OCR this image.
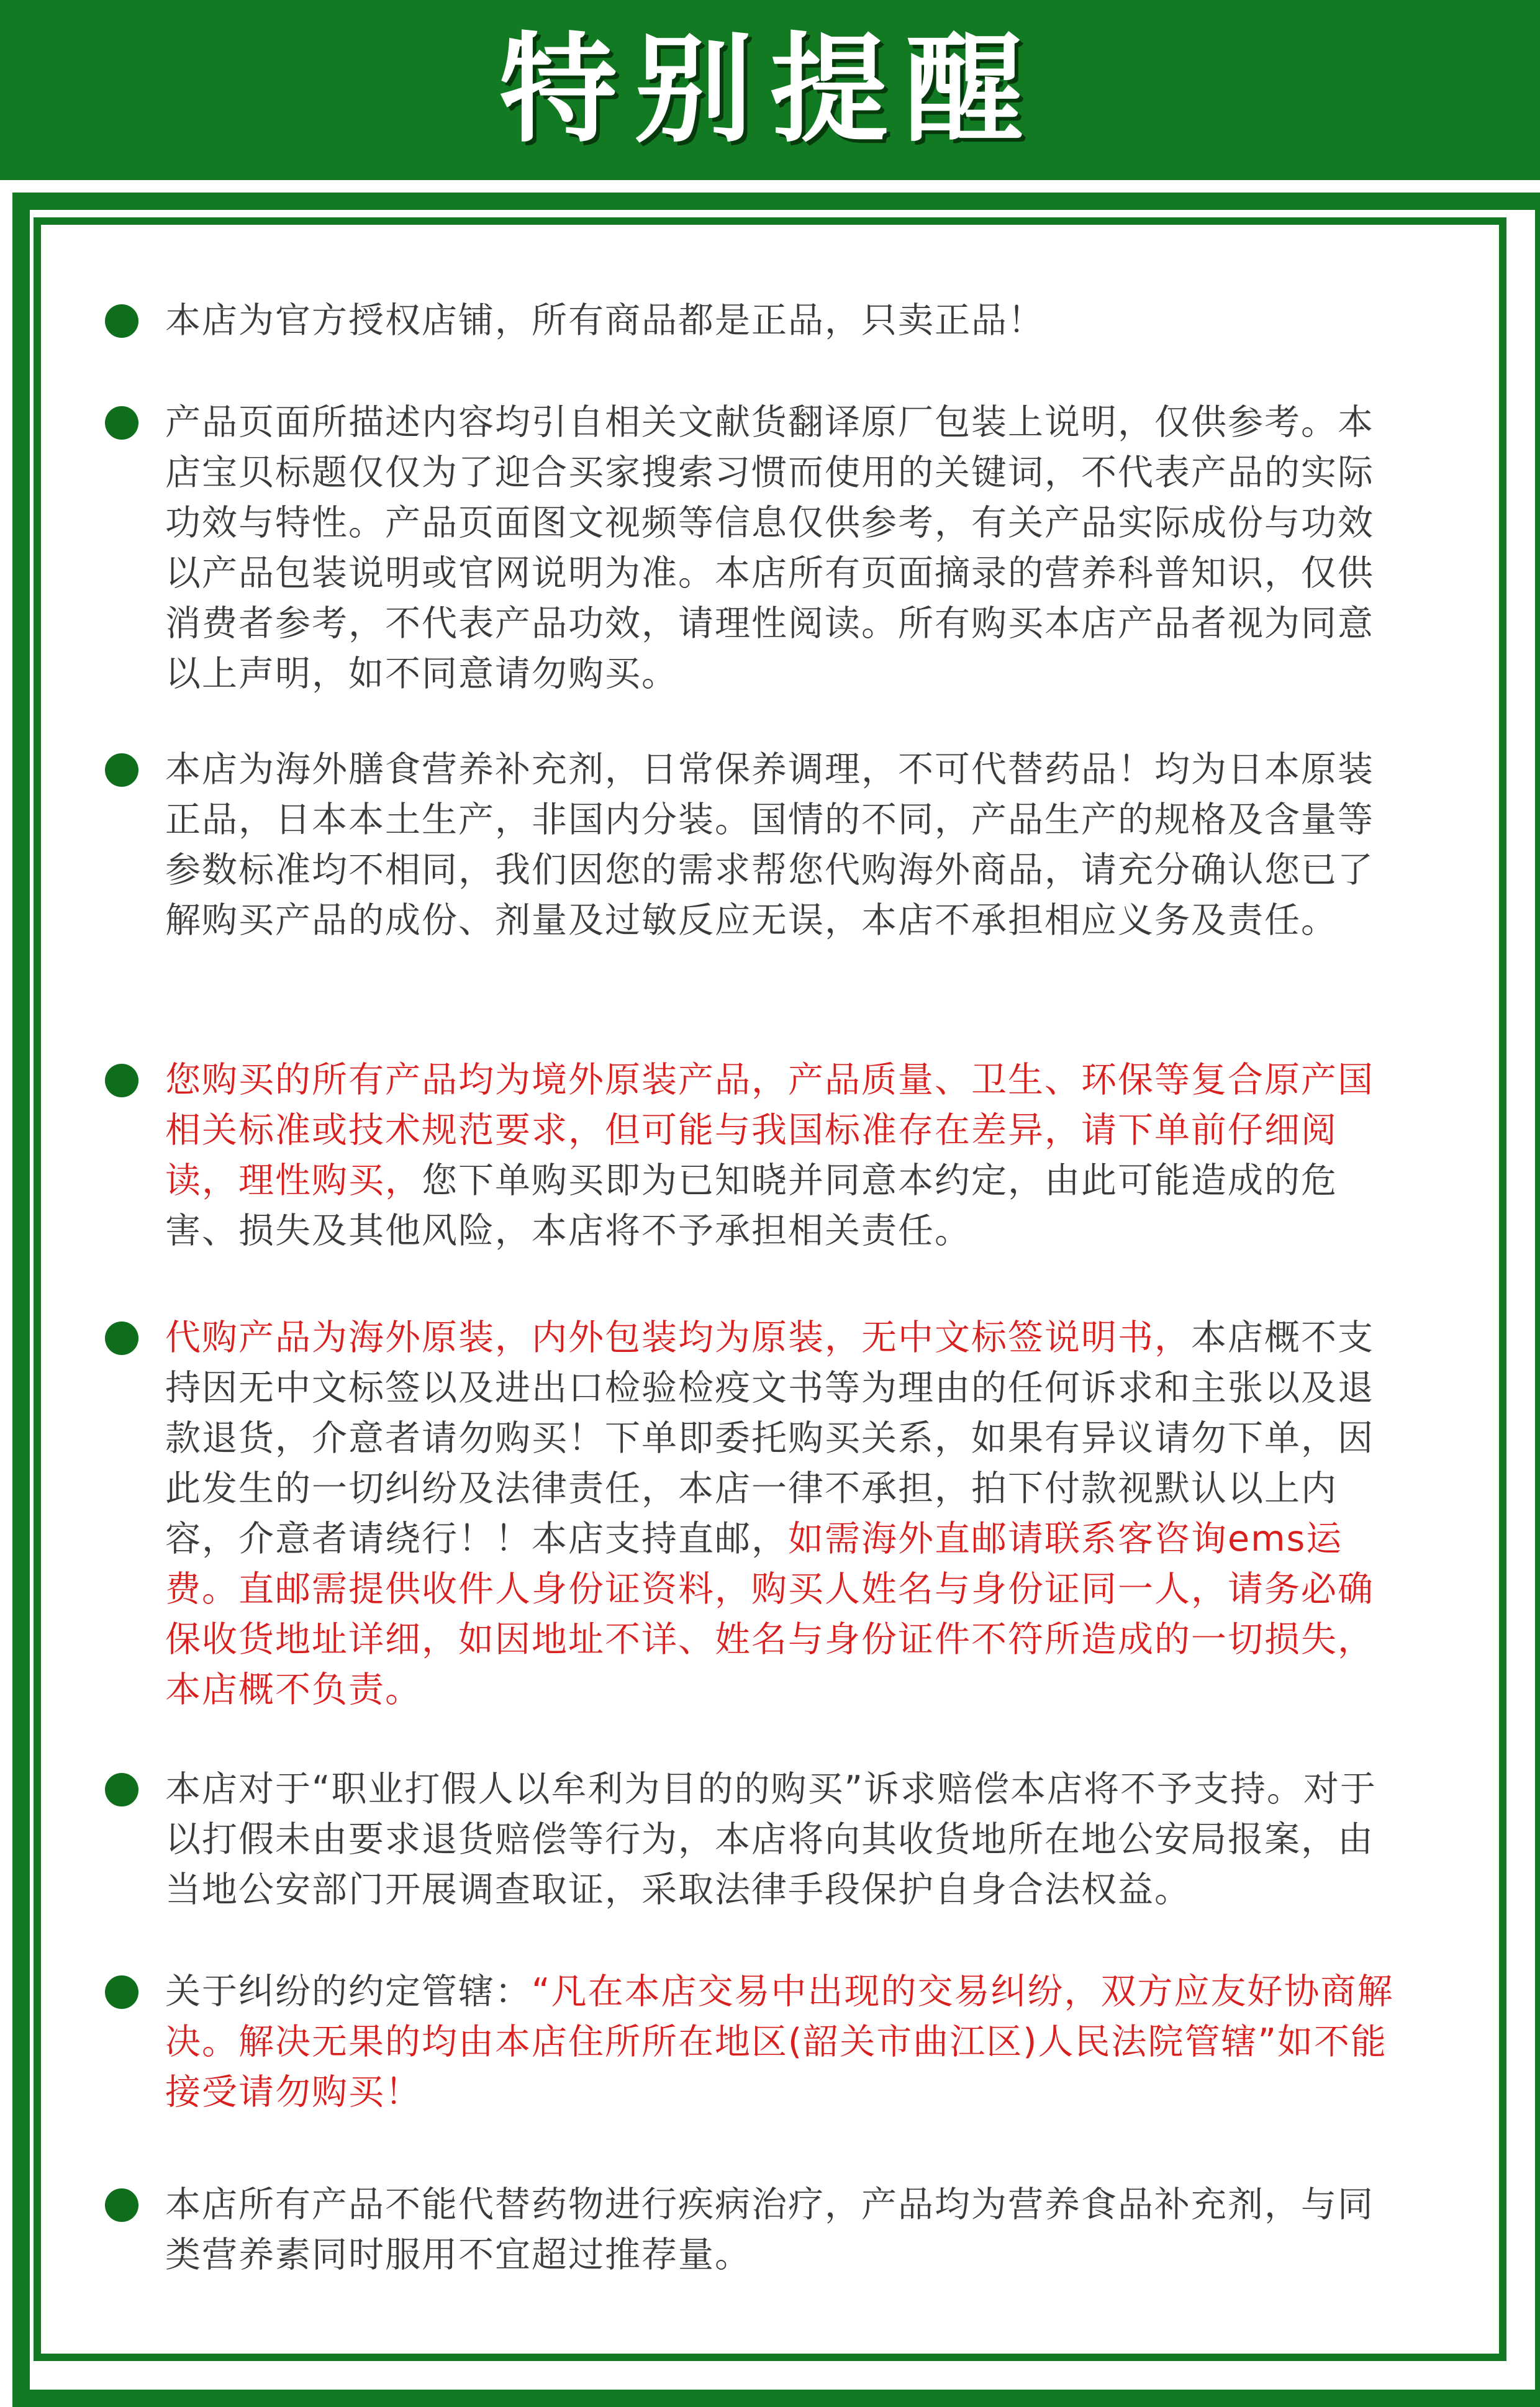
特别提醒
本店为官方授权店铺，所有商品都是正品，只卖正品！
产品页面所描述内容均引自相关文献货翻译原厂包装上说明，仅供参考。本店宝贝标题仅仅为了迎合买家搜索习惯而使用的关键词，不代表产品的实际功效与特性。产品页面图文视频等信息仅供参考，有关产品实际成份与功效以产品包装说明或官网说明为准。本店所有页面摘录的营养科普知识，仅供消费者参考，不代表产品功效，请理性阅读。所有购买本店产品者视为同意以上声明，如不同意请勿购买。
本店为海外膳食营养补充剂，日常保养调理，不可代替药品！均为日本原装正品，日本本土生产，非国内分装。国情的不同，产品生产的规格及含量等参数标准均不相同，我们因您的需求帮您代购海外商品，请充分确认您已了解购买产品的成份、剂量及过敏反应无误，本店不承担相应义务及责任。
您购买的所有产品均为境外原装产品，产品质量、卫生、环保等复合原产国相关标准或技术规范要求，但可能与我国标准存在差异，请下单前仔细阅读，理性购买，您下单购买即为已知晓并同意本约定，由此可能造成的危害、损失及其他风险，本店将不予承担相关责任。
代购产品为海外原装，内外包装均为原装，无中文标签说明书，本店概不支持因无中文标签以及进出口检验检疫文书等为理由的任何诉求和主张以及退款退货，介意者请勿购买！下单即委托购买关系，如果有异议请勿下单，因此发生的一切纠纷及法律责任，本店一律不承担，拍下付款视默认以上内容，介意者请绕行！！本店支持直邮，如需海外直邮请联系客咨询ems运费。直邮需提供收件人身份证资料，购买人姓名与身份证同一人，请务必确保收货地址详细，如因地址不详、姓名与身份证件不符所造成的一切损失，本店概不负责。
本店对于“职业打假人以牟利为目的的购买”诉求赔偿本店将不予支持。对于以打假未由要求退货赔偿等行为，本店将向其收货地所在地公安局报案，由当地公安部门开展调查取证，采取法律手段保护自身合法权益。
关于纠纷的约定管辖：“凡在本店交易中出现的交易纠纷，双方应友好协商解决。解决无果的均由本店住所所在地区(韶关市曲江区)人民法院管辖”如不能接受请勿购买！
本店所有产品不能代替药物进行疾病治疗，产品均为营养食品补充剂，与同类营养素同时服用不宜超过推荐量。
